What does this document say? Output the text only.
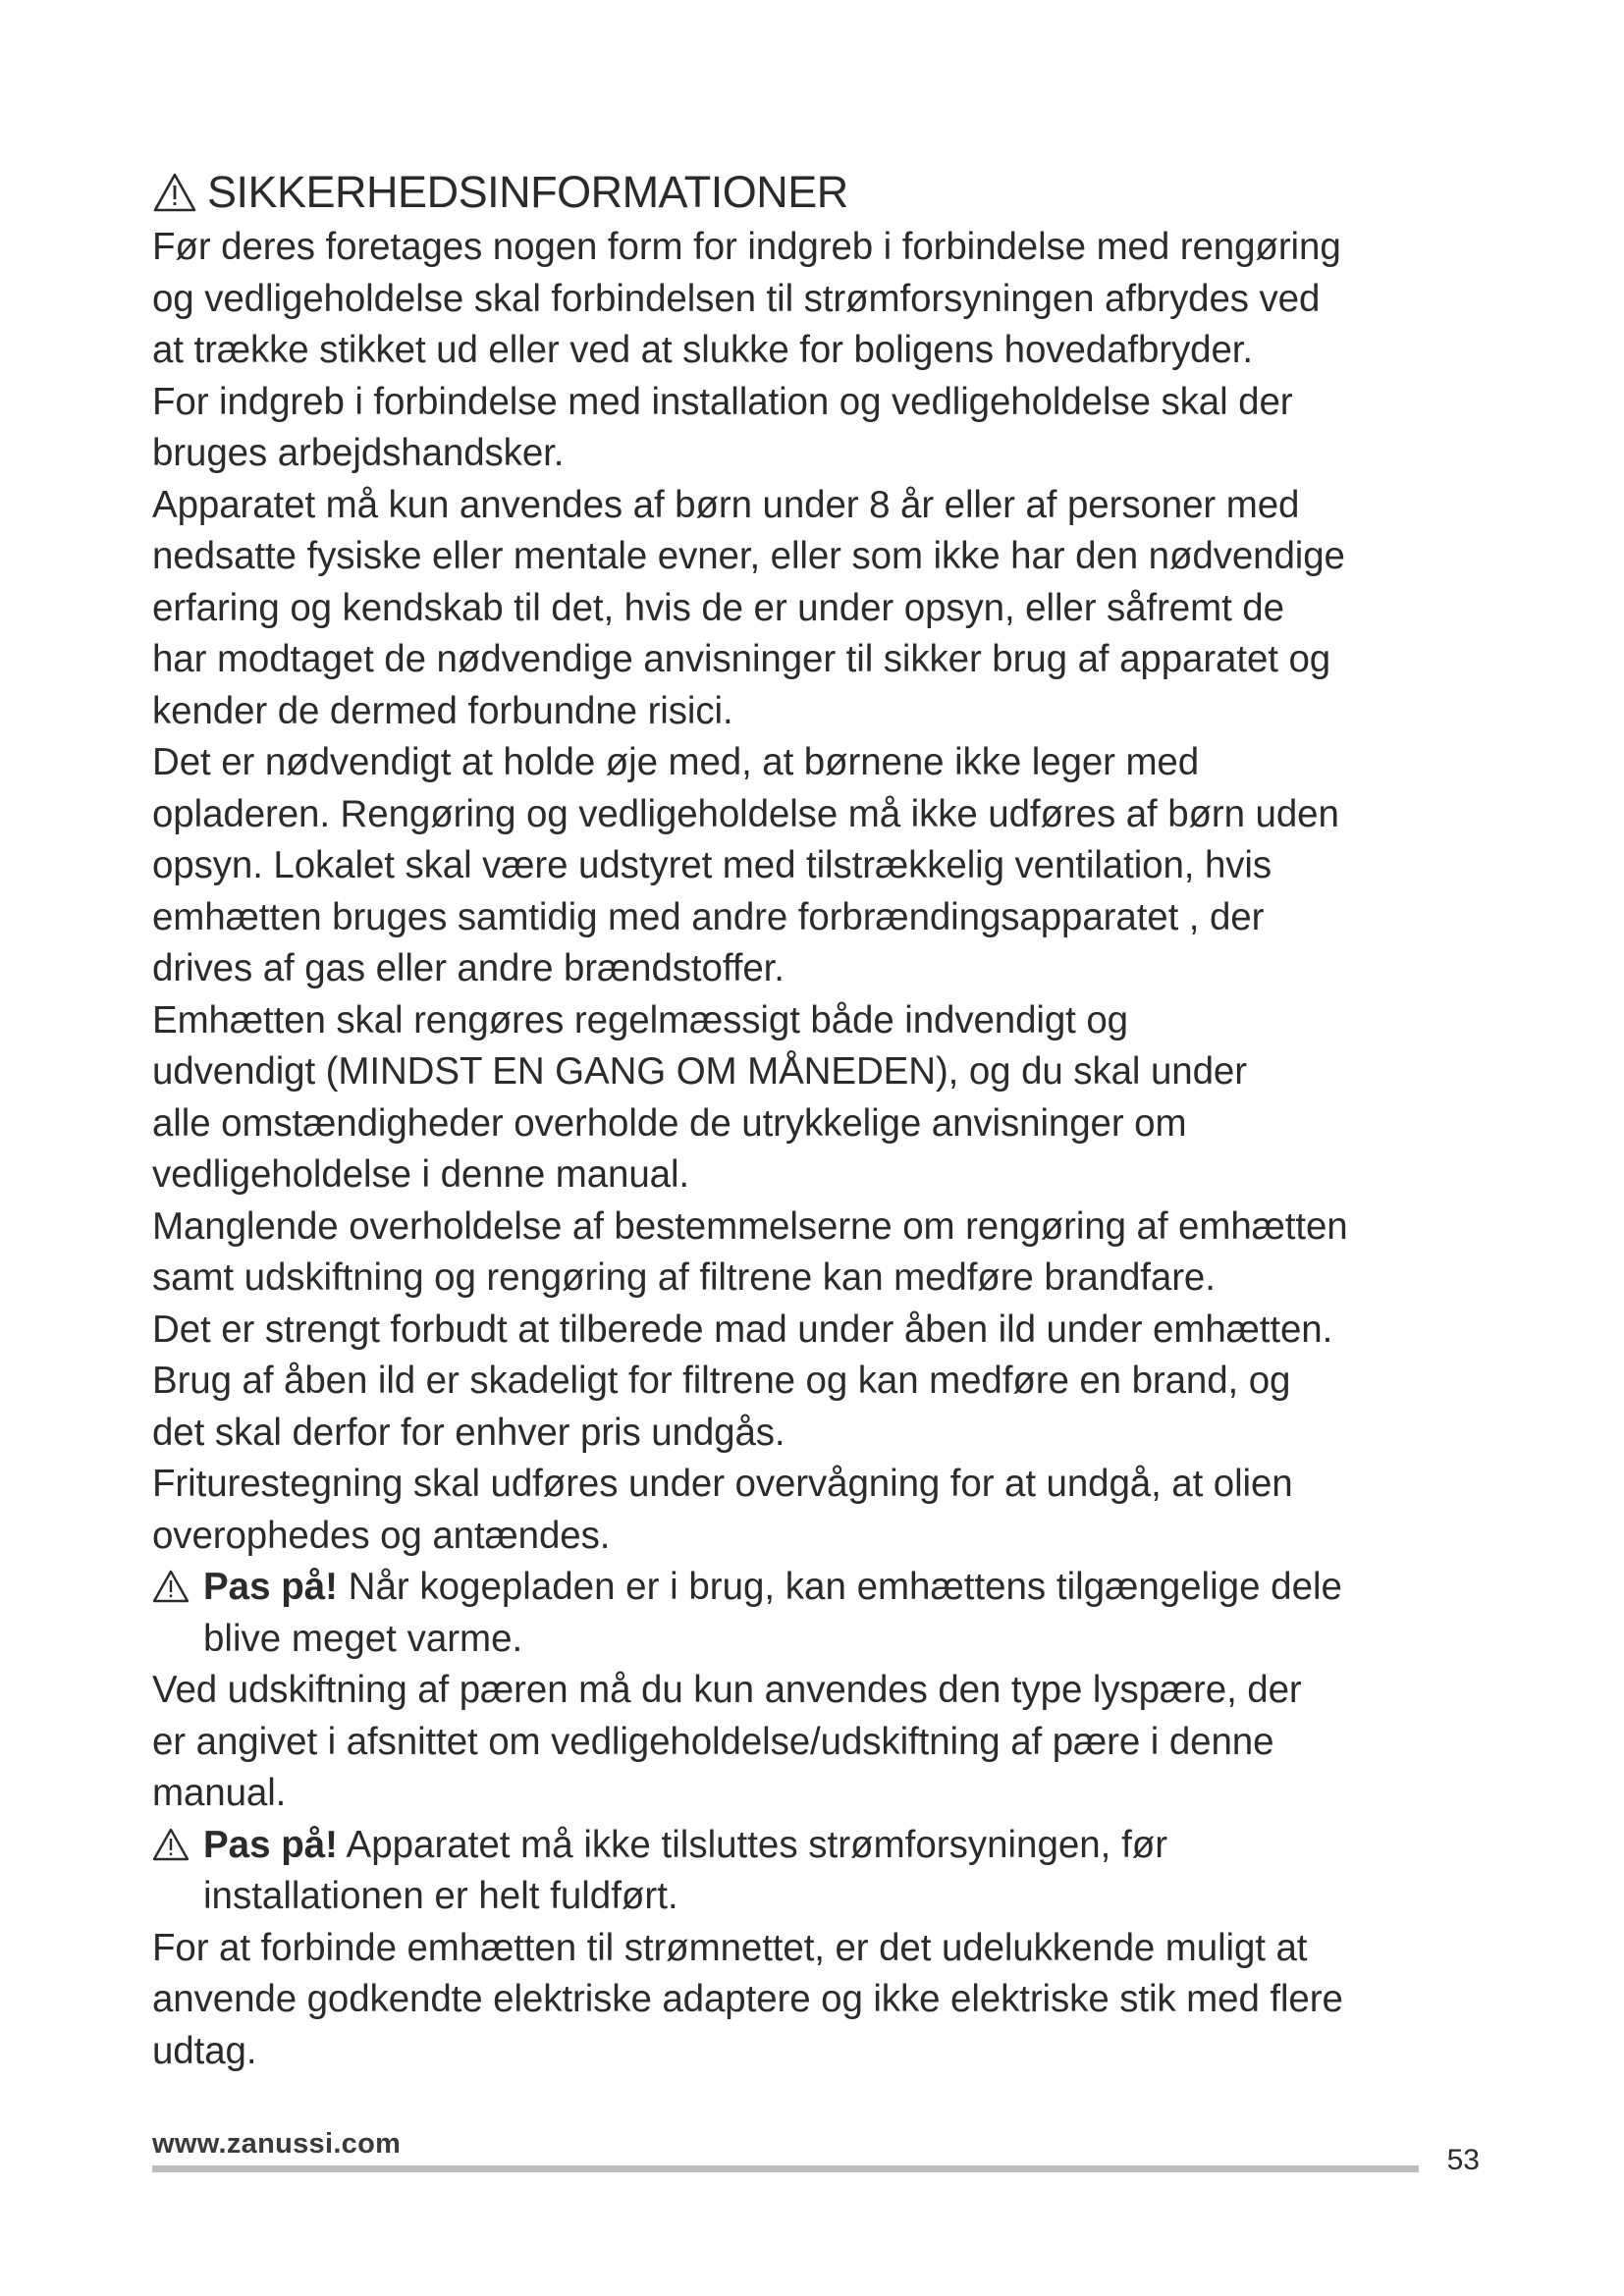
SIKKERHEDSINFORMATIONER

Før deres foretages nogen form for indgreb i forbindelse med rengøring
og vedligeholdelse skal forbindelsen til strømforsyningen afbrydes ved
at trække stikket ud eller ved at slukke for boligens hovedafbryder.

For indgreb i forbindelse med installation og vedligeholdelse skal der
bruges arbejdshandsker.

Apparatet må kun anvendes af børn under 8 år eller af personer med
nedsatte fysiske eller mentale evner, eller som ikke har den nødvendige
erfaring og kendskab til det, hvis de er under opsyn, eller såfremt de
har modtaget de nødvendige anvisninger til sikker brug af apparatet og
kender de dermed forbundne risici.

Det er nødvendigt at holde øje med, at børnene ikke leger med
opladeren. Rengøring og vedligeholdelse må ikke udføres af børn uden
opsyn. Lokalet skal være udstyret med tilstrækkelig ventilation, hvis
emhætten bruges samtidig med andre forbrændingsapparatet , der
drives af gas eller andre brændstoffer.

Emhætten skal rengøres regelmæssigt både indvendigt og
udvendigt (MINDST EN GANG OM MÅNEDEN), og du skal under
alle omstændigheder overholde de utrykkelige anvisninger om
vedligeholdelse i denne manual.

Manglende overholdelse af bestemmelserne om rengøring af emhætten
samt udskiftning og rengøring af filtrene kan medføre brandfare.

Det er strengt forbudt at tilberede mad under åben ild under emhætten.
Brug af åben ild er skadeligt for filtrene og kan medføre en brand, og
det skal derfor for enhver pris undgås.

Friturestegning skal udføres under overvågning for at undgå, at olien
overophedes og antændes.

Pas på! Når kogepladen er i brug, kan emhættens tilgængelige dele
blive meget varme.

Ved udskiftning af pæren må du kun anvendes den type lyspære, der
er angivet i afsnittet om vedligeholdelse/udskiftning af pære i denne
manual.

Pas på! Apparatet må ikke tilsluttes strømforsyningen, før
installationen er helt fuldført.

For at forbinde emhætten til strømnettet, er det udelukkende muligt at
anvende godkendte elektriske adaptere og ikke elektriske stik med flere
udtag.

www.zanussi.com	53
